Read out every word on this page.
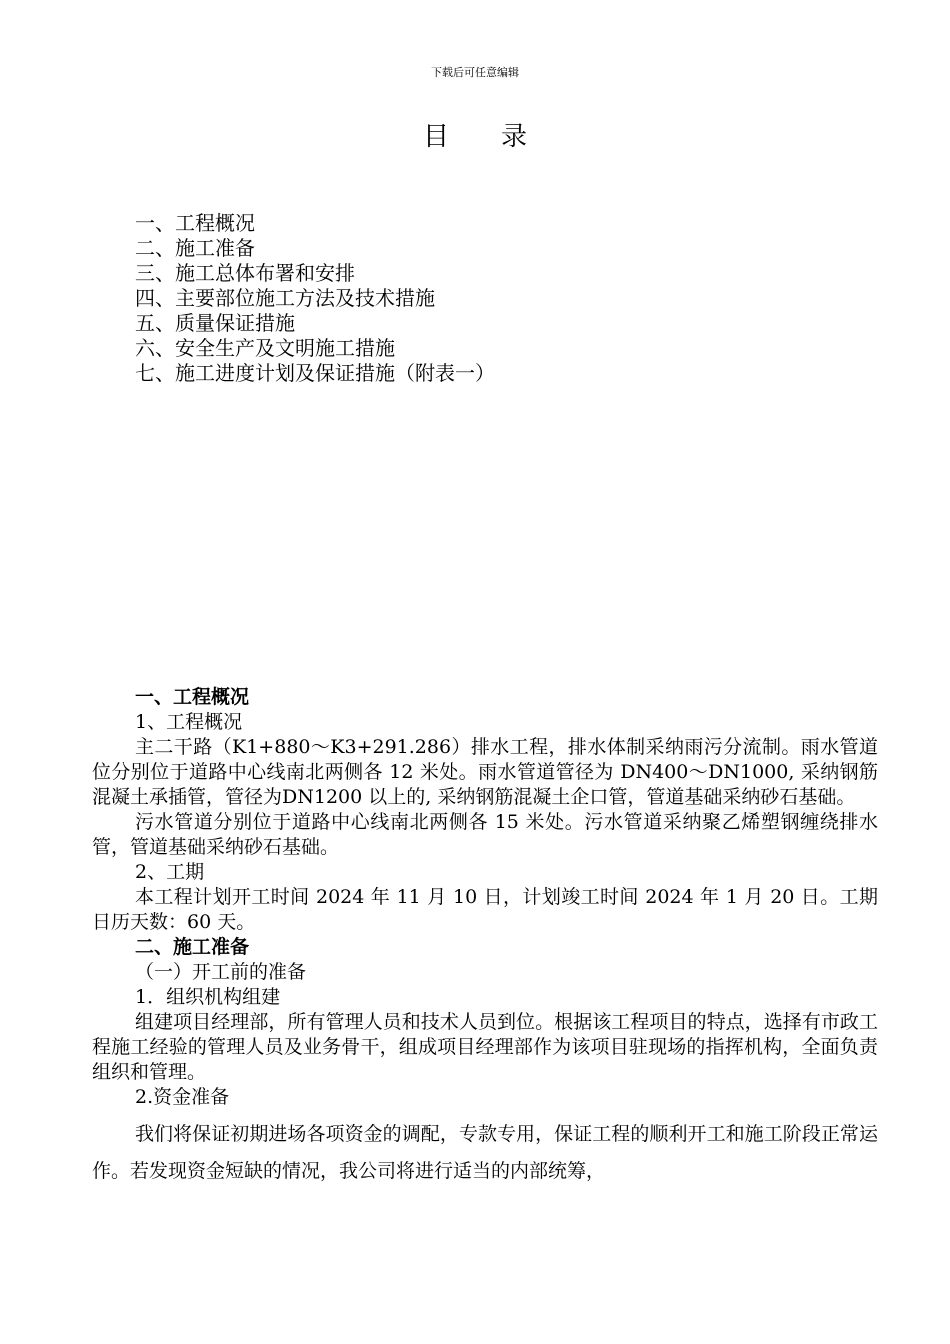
下载后可任意编辑
目录
一、工程概况
二、施工准备
三、施工总体布署和安排
四、主要部位施工方法及技术措施
五、质量保证措施
六、安全生产及文明施工措施
七、施工进度计划及保证措施（附表一）

一、工程概况

1、工程概况

主二干路（K1+880～K3+291.286）排水工程，排水体制采纳雨污分流制。雨水管道位分别位于道路中心线南北两侧各 12 米处。雨水管道管径为 DN400～DN1000, 采纳钢筋混凝土承插管，管径为DN1200 以上的, 采纳钢筋混凝土企口管，管道基础采纳砂石基础。

污水管道分别位于道路中心线南北两侧各 15 米处。污水管道采纳聚乙烯塑钢缠绕排水管，管道基础采纳砂石基础。

2、工期

本工程计划开工时间 2024 年 11 月 10 日，计划竣工时间 2024 年 1 月 20 日。工期日历天数：60 天。

二、施工准备

（一）开工前的准备

1．组织机构组建

组建项目经理部，所有管理人员和技术人员到位。根据该工程项目的特点，选择有市政工程施工经验的管理人员及业务骨干，组成项目经理部作为该项目驻现场的指挥机构，全面负责组织和管理。

2.资金准备

我们将保证初期进场各项资金的调配，专款专用，保证工程的顺利开工和施工阶段正常运作。若发现资金短缺的情况，我公司将进行适当的内部统筹，
